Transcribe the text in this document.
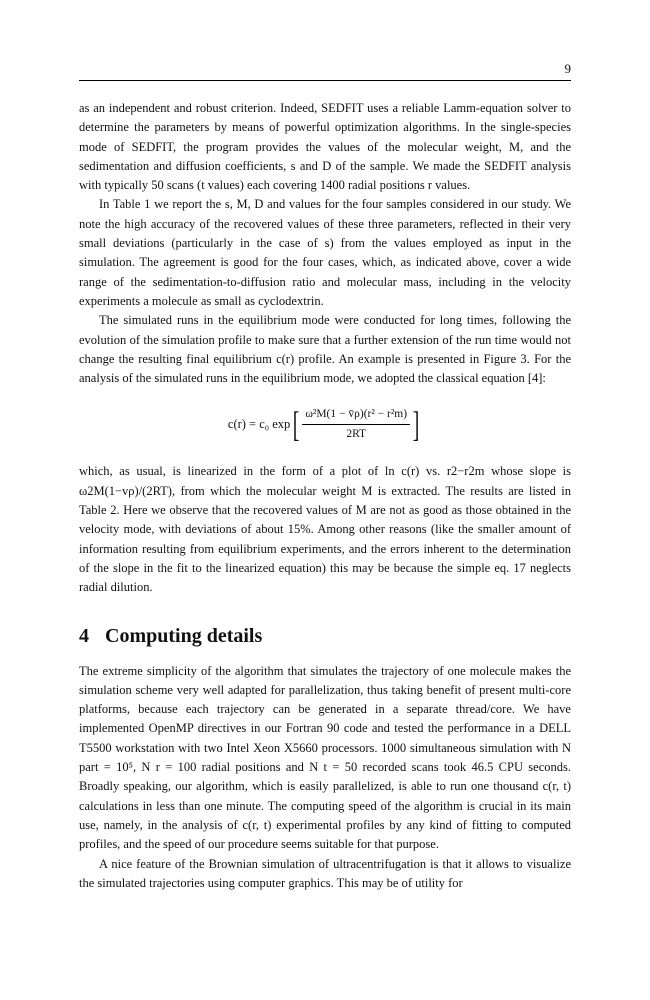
9

as an independent and robust criterion. Indeed, SEDFIT uses a reliable Lamm-equation solver to determine the parameters by means of powerful optimization algorithms. In the single-species mode of SEDFIT, the program provides the values of the molecular weight, M, and the sedimentation and diffusion coefficients, s and D of the sample. We made the SEDFIT analysis with typically 50 scans (t values) each covering 1400 radial positions r values.

In Table 1 we report the s, M, D and values for the four samples considered in our study. We note the high accuracy of the recovered values of these three parameters, reflected in their very small deviations (particularly in the case of s) from the values employed as input in the simulation. The agreement is good for the four cases, which, as indicated above, cover a wide range of the sedimentation-to-diffusion ratio and molecular mass, including in the velocity experiments a molecule as small as cyclodextrin.

The simulated runs in the equilibrium mode were conducted for long times, following the evolution of the simulation profile to make sure that a further extension of the run time would not change the resulting final equilibrium c(r) profile. An example is presented in Figure 3. For the analysis of the simulated runs in the equilibrium mode, we adopted the classical equation [4]:

c(r) = c₀ exp [ $\frac{\text{ω²M(1 − v̄ρ)(r² − r²m)}}{2RT}$ ]

which, as usual, is linearized in the form of a plot of ln c(r) vs. r2−r2m whose slope is ω2M(1−vρ)/(2RT), from which the molecular weight M is extracted. The results are listed in Table 2. Here we observe that the recovered values of M are not as good as those obtained in the velocity mode, with deviations of about 15%. Among other reasons (like the smaller amount of information resulting from equilibrium experiments, and the errors inherent to the determination of the slope in the fit to the linearized equation) this may be because the simple eq. 17 neglects radial dilution.

4 Computing details

The extreme simplicity of the algorithm that simulates the trajectory of one molecule makes the simulation scheme very well adapted for parallelization, thus taking benefit of present multi-core platforms, because each trajectory can be generated in a separate thread/core. We have implemented OpenMP directives in our Fortran 90 code and tested the performance in a DELL T5500 workstation with two Intel Xeon X5660 processors. 1000 simultaneous simulation with N part = 10⁵, N r = 100 radial positions and N t = 50 recorded scans took 46.5 CPU seconds. Broadly speaking, our algorithm, which is easily parallelized, is able to run one thousand c(r, t) calculations in less than one minute. The computing speed of the algorithm is crucial in its main use, namely, in the analysis of c(r, t) experimental profiles by any kind of fitting to computed profiles, and the speed of our procedure seems suitable for that purpose.

A nice feature of the Brownian simulation of ultracentrifugation is that it allows to visualize the simulated trajectories using computer graphics. This may be of utility for
